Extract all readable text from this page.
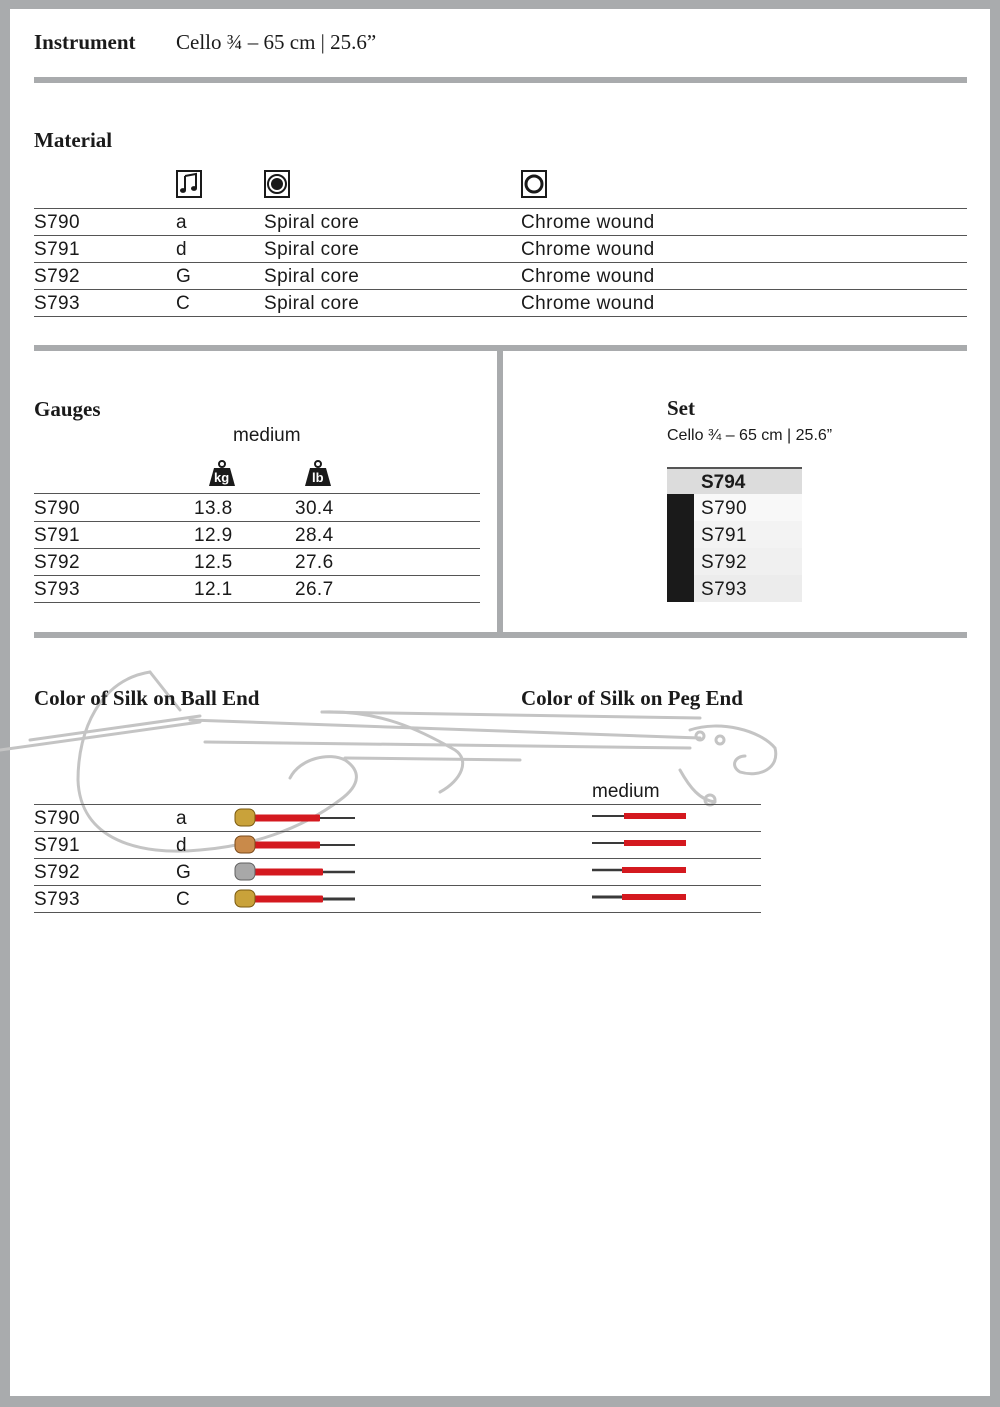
Instrument Cello ¾ – 65 cm | 25.6”
Material
S790	a	Spiral core	Chrome wound
S791	d	Spiral core	Chrome wound
S792	G	Spiral core	Chrome wound
S793	C	Spiral core	Chrome wound
Gauges
medium
kg	lb
S790	13.8	30.4
S791	12.9	28.4
S792	12.5	27.6
S793	12.1	26.7
Set
Cello ¾ – 65 cm | 25.6”
S794
S790
S791
S792
S793
Color of Silk on Ball End	Color of Silk on Peg End
medium
S790	a
S791	d
S792	G
S793	C
